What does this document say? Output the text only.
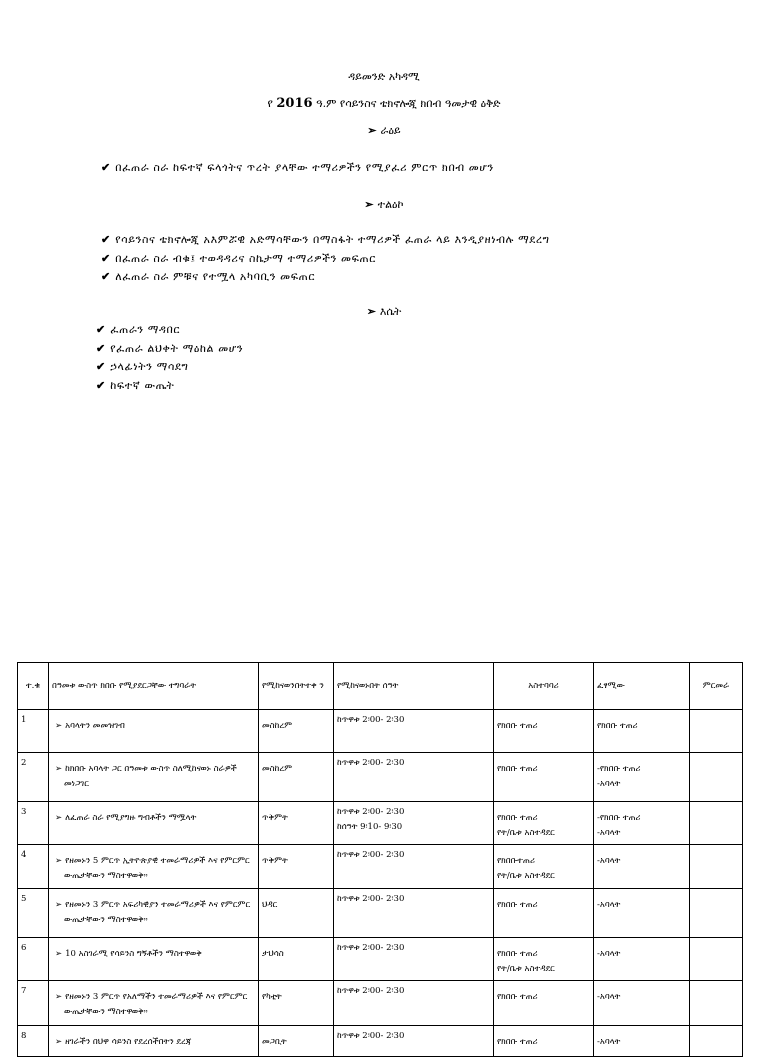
ዳይመንድ አካዳሚ
የ 2016 ዓ.ም የሳይንስና ቴክኖሎጂ ክበብ ዓመታዊ ዕቅድ
➢ ራዕይ
✔ በፈጠራ ስራ ከፍተኛ ፍላጎትና ጥረት ያላቸው ተማሪዎችን የሚያፈሪ ምርጥ ክበብ መሆን
➢ ተልዕኮ
✔ የሳይንስና ቴክኖሎጂ አእምሯዊ አድማሳቸውን በማስፋት ተማሪዎች ፈጠራ ላይ እንዲያዘነብሉ ማደረግ
✔ በፈጠራ ስራ ብቁ፤ ተወዳዳሪና ስኬታማ ተማሪዎችን መፍጠር
✔ ለፈጠራ ስራ ምቹና የተሟላ አካባቢን መፍጠር
➢ እሴት
✔ ፈጠራን ማዳበር
✔ የፈጠራ ልህቀት ማዕከል መሆን
✔ ኃላፊነትን ማሳደግ
✔ ከፍተኛ ውጤት
ተ.ቁ	በዓመቱ ውስጥ ክበቡ የሚያደርጋቸው ተግባራት	የሚከናወንበትተቀ ን	የሚከናወኑበት ሰዓት	አስተባባሪ	ፈፃሚው	ምርመራ
1	➢ አባላትን መመዝገብ	መስከረም	ከጥዋቱ 2፡00- 2፡30	የክበቡ ተጠሪ	የክበቡ ተጠሪ	

2	➢ ከክበቡ አባላት ጋር በዓመቱ ውስጥ ስለሚከናወኑ ስራዎች መነጋገር	መስከረም	ከጥዋቱ 2፡00- 2፡30	የክበቡ ተጠሪ	-የክበቡ ተጠሪ
-አባላት	

3	➢ ለፈጠራ ስራ የሚያግዙ ግብቶችን ማሟላት	ጥቅምት	ከጥዋቱ 2፡00- 2፡30
ከሰዓት 9፡10- 9፡30	የክበቡ ተጠሪ
የት/ቤቱ አስተዳደር	-የክበቡ ተጠሪ
-አባላት	

4	➢ የዘመኑን 5 ምርጥ ኢትዮጵያዊ ተመራማሪዎች እና የምርምር ውጤታቸውን ማስተዋወቅ።	ጥቅምት	ከጥዋቱ 2፡00- 2፡30	የክበቡተጠሪ
የት/ቤቱ አስተዳደር	-አባላት	

5	➢ የዘመኑን 3 ምርጥ አፍሪካዊያን ተመራማሪዎች እና የምርምር ውጤታቸውን ማስተዋወቅ።	ህዳር	ከጥዋቱ 2፡00- 2፡30	የክበቡ ተጠሪ	-አባላት	

6	➢ 10 አስገራሚ የሳይንስ ግኝቶችን ማስተዋወቅ	ታህሳስ	ከጥዋቱ 2፡00- 2፡30	የክበቡ ተጠሪ
የት/ቤቱ አስተዳደር	-አባላት	

7	➢ የዘመኑን 3 ምርጥ የአለማችን ተመራማሪዎች እና የምርምር ውጤታቸውን ማስተዋወቅ።	የካቲት	ከጥዋቱ 2፡00- 2፡30	የክበቡ ተጠሪ	-አባላት	

8	➢ ዘገራችን በህዋ ሳይንስ የደረሰችበትን ደረጃ	መጋቢት	ከጥዋቱ 2፡00- 2፡30	የክበቡ ተጠሪ	-አባላት	
